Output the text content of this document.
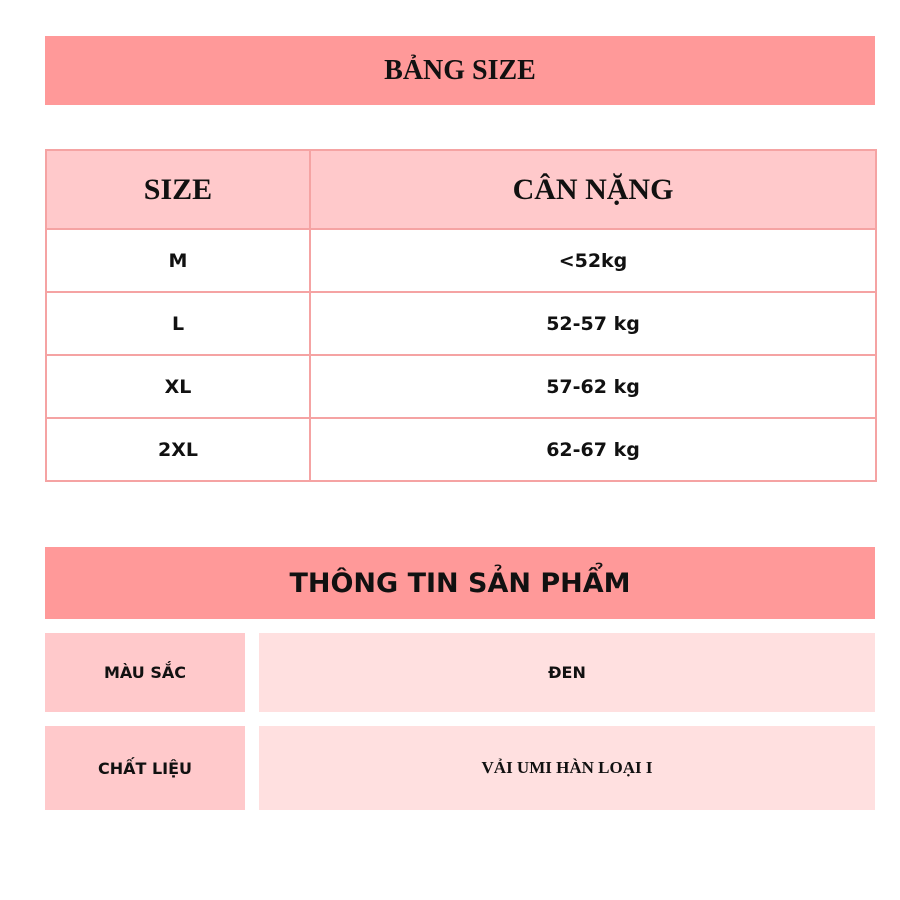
BẢNG SIZE
SIZE	CÂN NẶNG
M	<52kg
L	52-57 kg
XL	57-62 kg
2XL	62-67 kg
THÔNG TIN SẢN PHẨM
MÀU SẮC	ĐEN
CHẤT LIỆU	VẢI UMI HÀN LOẠI I
